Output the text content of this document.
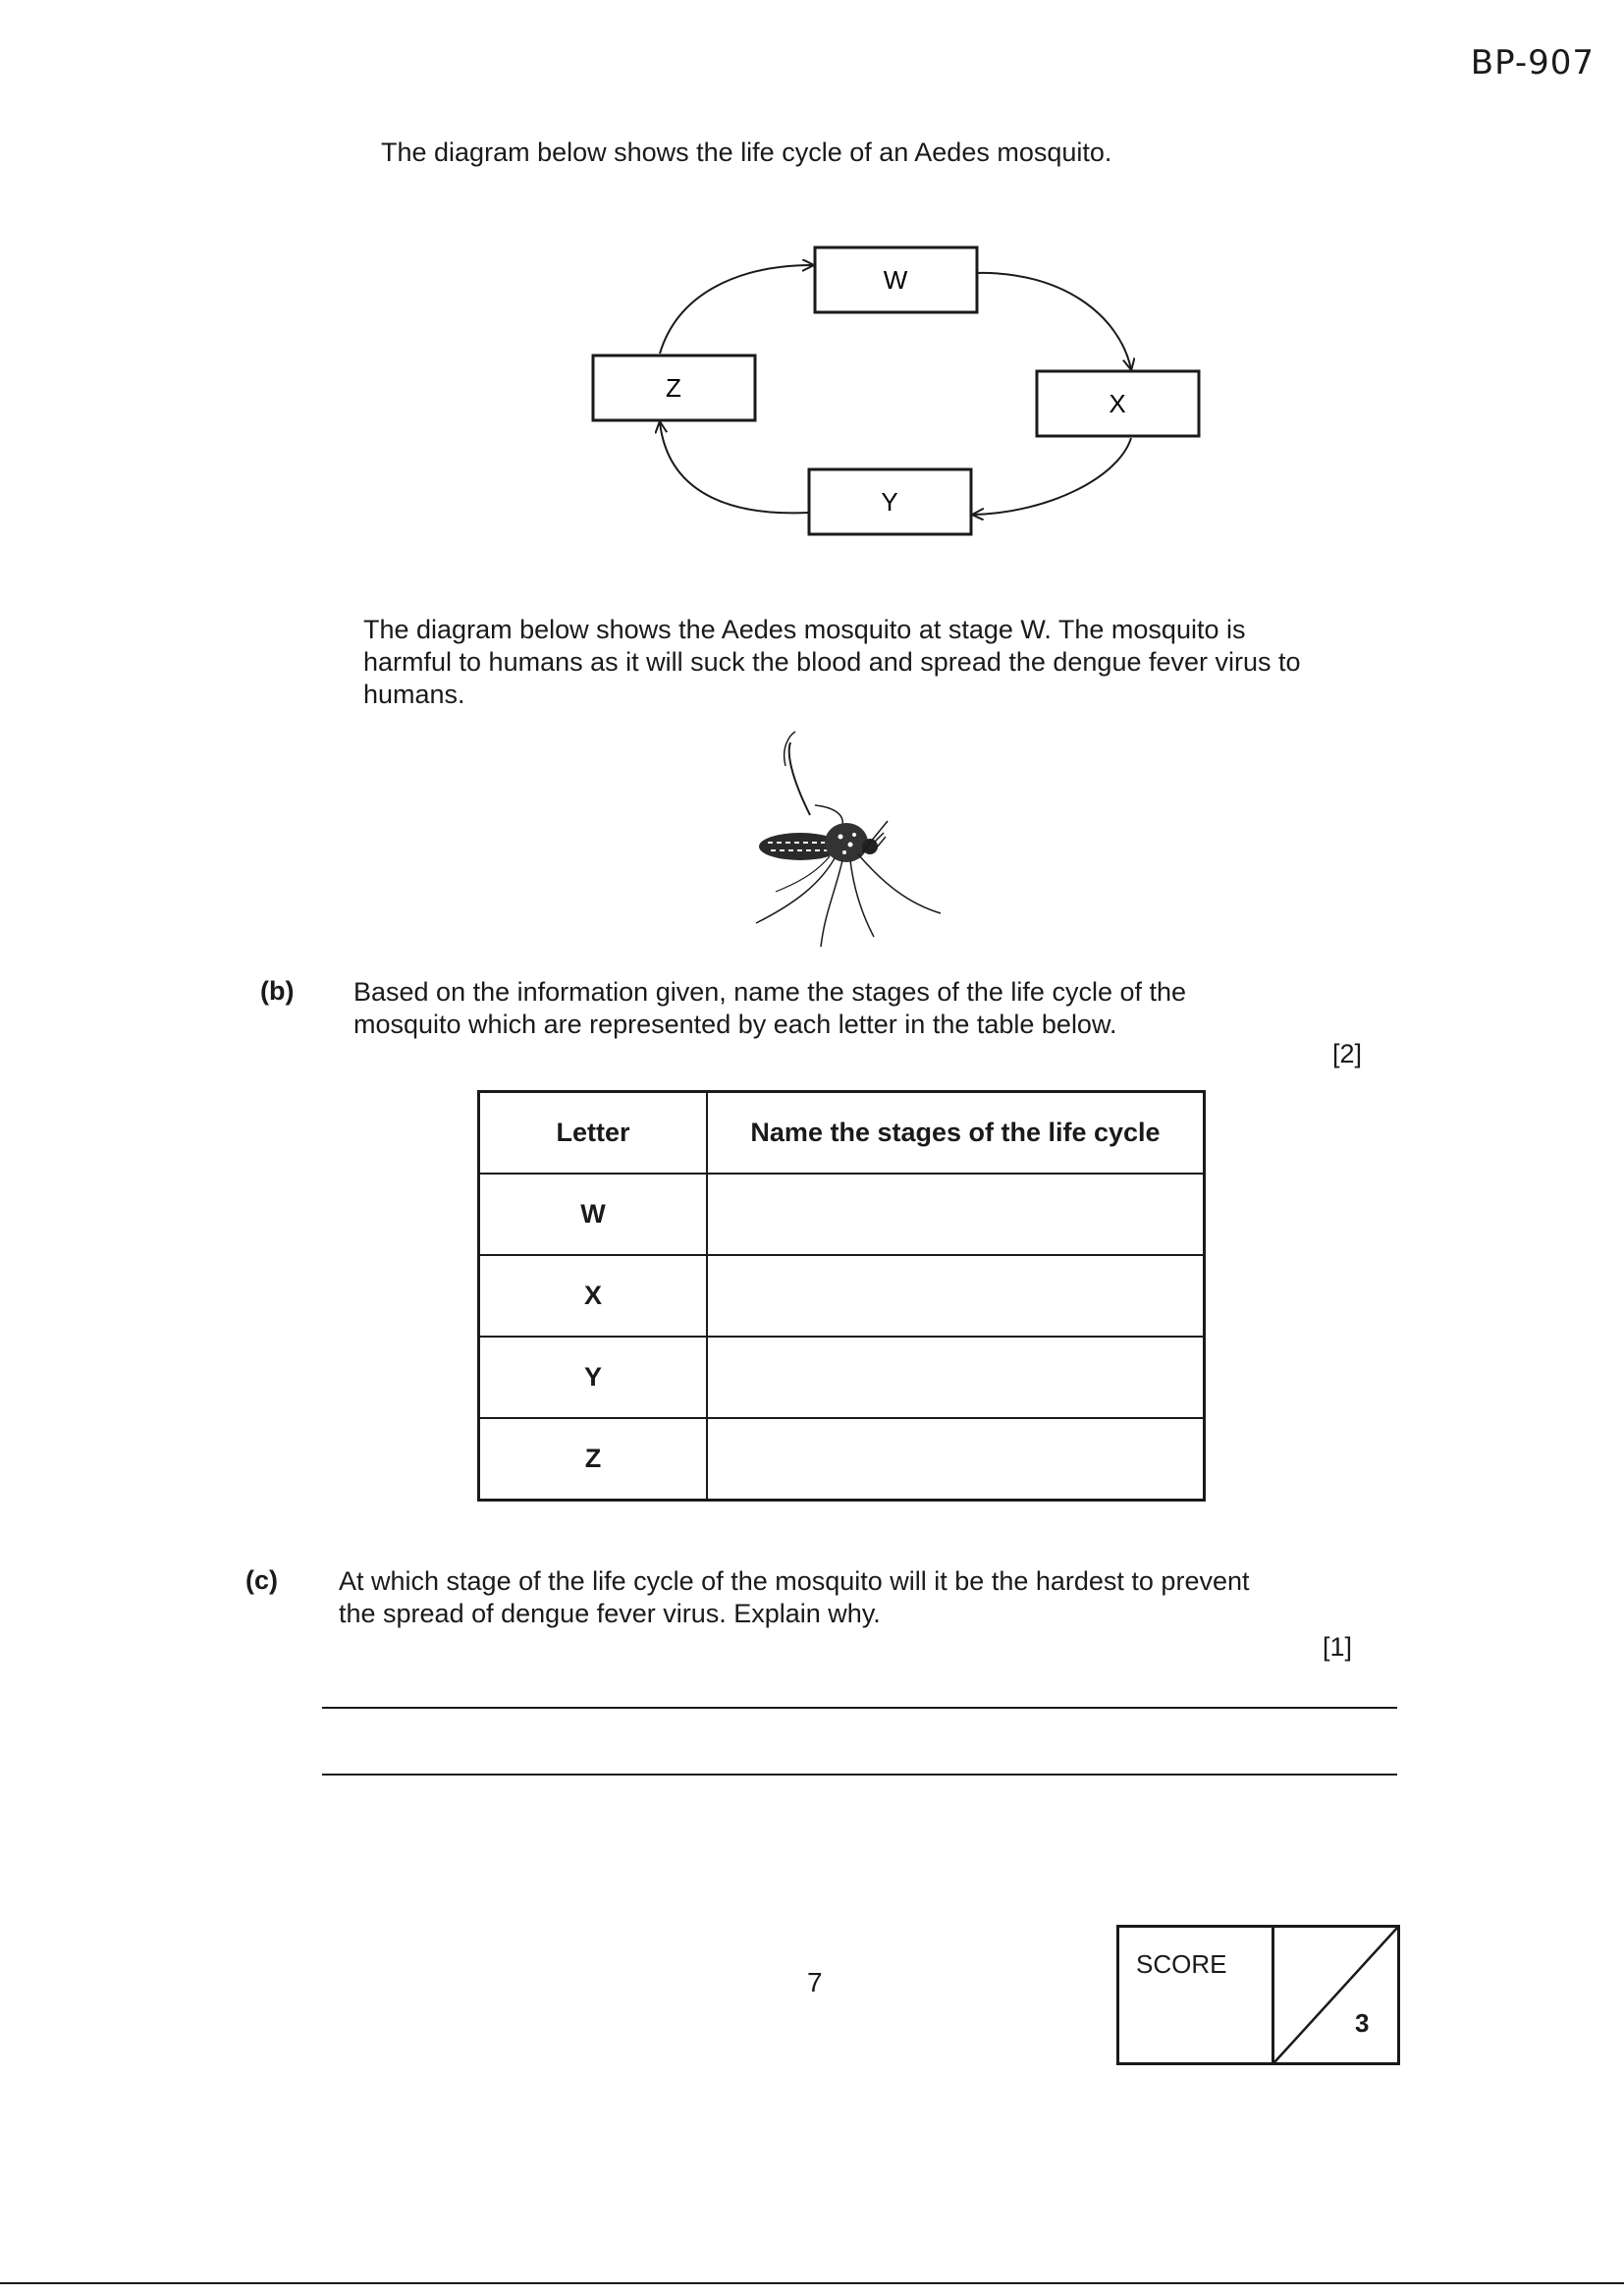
BP-907
The diagram below shows the life cycle of an Aedes mosquito.
W
X
Y
Z
The diagram below shows the Aedes mosquito at stage W. The mosquito is harmful to humans as it will suck the blood and spread the dengue fever virus to humans.
(b) Based on the information given, name the stages of the life cycle of the mosquito which are represented by each letter in the table below.
[2]
Letter	Name the stages of the life cycle
W	
X	
Y	
Z	
(c) At which stage of the life cycle of the mosquito will it be the hardest to prevent the spread of dengue fever virus. Explain why.
[1]
7
SCORE
3
